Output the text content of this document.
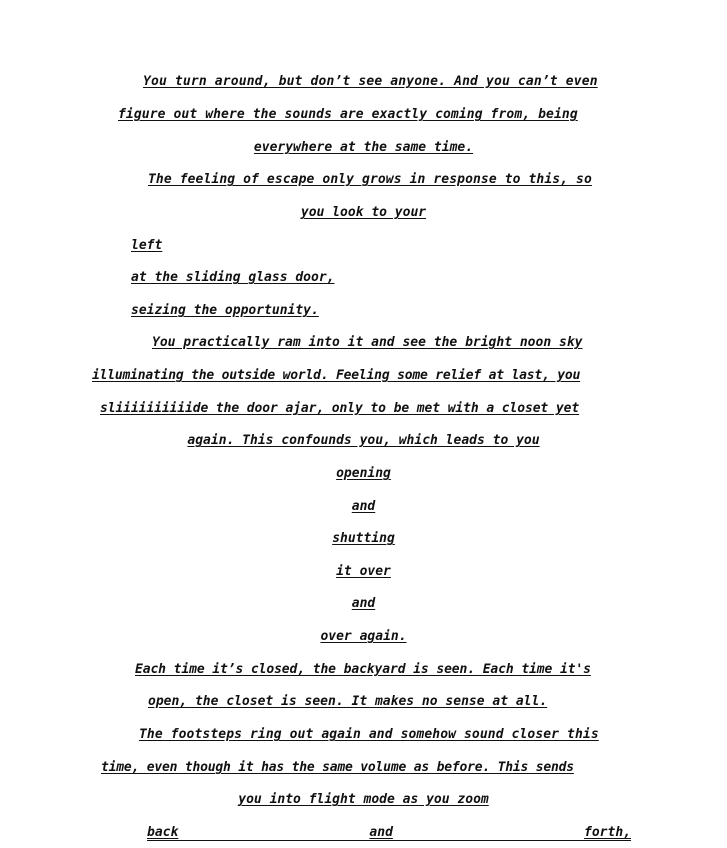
You turn around, but don’t see anyone. And you can’t even

figure out where the sounds are exactly coming from, being

everywhere at the same time.

The feeling of escape only grows in response to this, so

you look to your

left

at the sliding glass door,

seizing the opportunity.

You practically ram into it and see the bright noon sky

illuminating the outside world. Feeling some relief at last, you

sliiiiiiiiiide the door ajar, only to be met with a closet yet

again. This confounds you, which leads to you

opening

and

shutting

it over

and

over again.

Each time it’s closed, the backyard is seen. Each time it's

open, the closet is seen. It makes no sense at all.

The footsteps ring out again and somehow sound closer this

time, even though it has the same volume as before. This sends

you into flight mode as you zoom

back	and	forth,
